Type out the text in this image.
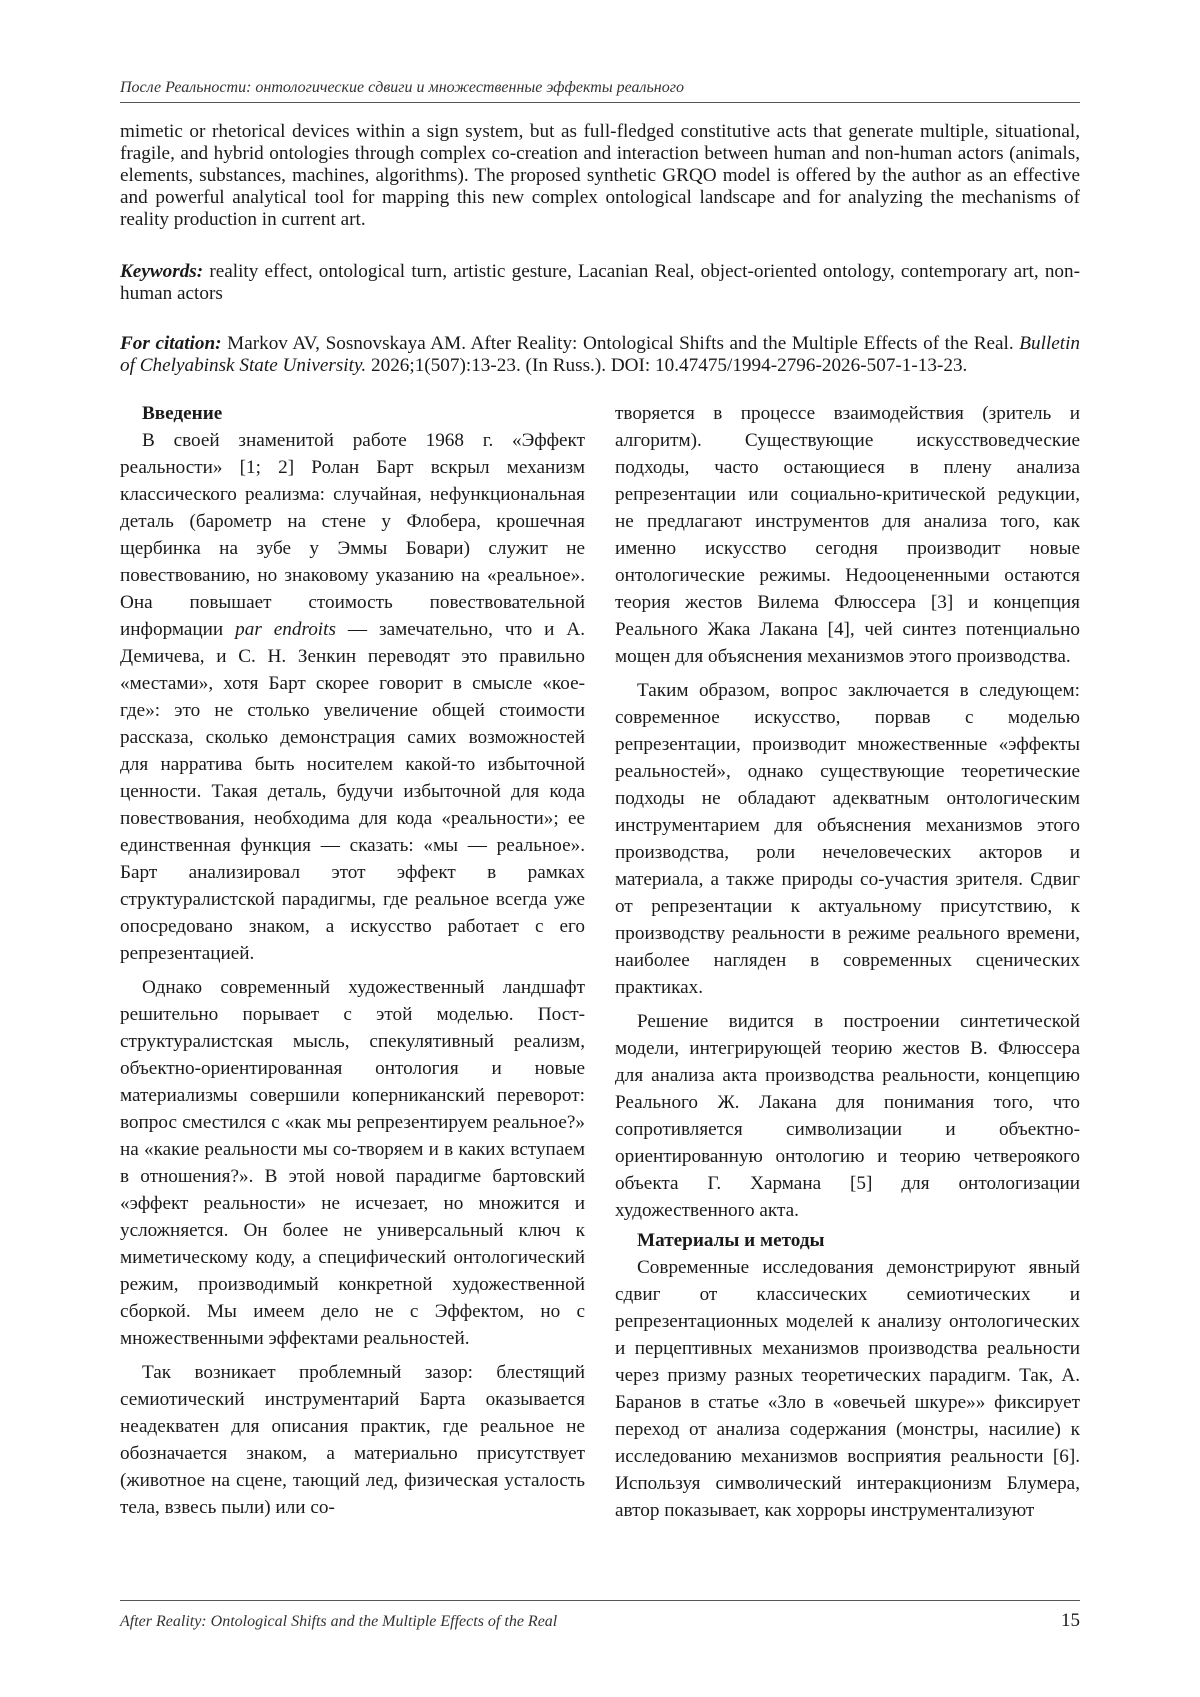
После Реальности: онтологические сдвиги и множественные эффекты реального
mimetic or rhetorical devices within a sign system, but as full-fledged constitutive acts that generate multiple, situational, fragile, and hybrid ontologies through complex co-creation and interaction between human and non-human actors (animals, elements, substances, machines, algorithms). The proposed synthetic GRQO model is offered by the author as an effective and powerful analytical tool for mapping this new complex ontological landscape and for analyzing the mechanisms of reality production in current art.
Keywords: reality effect, ontological turn, artistic gesture, Lacanian Real, object-oriented ontology, contemporary art, non-human actors
For citation: Markov AV, Sosnovskaya AM. After Reality: Ontological Shifts and the Multiple Effects of the Real. Bulletin of Chelyabinsk State University. 2026;1(507):13-23. (In Russ.). DOI: 10.47475/1994-2796-2026-507-1-13-23.
Введение

В своей знаменитой работе 1968 г. «Эффект реальности» [1; 2] Ролан Барт вскрыл механизм классического реализма: случайная, нефункциональная деталь (барометр на стене у Флобера, крошечная щербинка на зубе у Эммы Бовари) служит не повествованию, но знаковому указанию на «реальное». Она повышает стоимость повествовательной информации par endroits — замечательно, что и А. Демичева, и С. Н. Зенкин переводят это правильно «местами», хотя Барт скорее говорит в смысле «кое-где»: это не столько увеличение общей стоимости рассказа, сколько демонстрация самих возможностей для нарратива быть носителем какой-то избыточной ценности. Такая деталь, будучи избыточной для кода повествования, необходима для кода «реальности»; ее единственная функция — сказать: «мы — реальное». Барт анализировал этот эффект в рамках структуралистской парадигмы, где реальное всегда уже опосредовано знаком, а искусство работает с его репрезентацией.

Однако современный художественный ландшафт решительно порывает с этой моделью. Пост-структуралистская мысль, спекулятивный реализм, объектно-ориентированная онтология и новые материализмы совершили коперниканский переворот: вопрос сместился с «как мы репрезентируем реальное?» на «какие реальности мы со-творяем и в каких вступаем в отношения?». В этой новой парадигме бартовский «эффект реальности» не исчезает, но множится и усложняется. Он более не универсальный ключ к миметическому коду, а специфический онтологический режим, производимый конкретной художественной сборкой. Мы имеем дело не с Эффектом, но с множественными эффектами реальностей.

Так возникает проблемный зазор: блестящий семиотический инструментарий Барта оказывается неадекватен для описания практик, где реальное не обозначается знаком, а материально присутствует (животное на сцене, тающий лед, физическая усталость тела, взвесь пыли) или со-

творяется в процессе взаимодействия (зритель и алгоритм). Существующие искусствоведческие подходы, часто остающиеся в плену анализа репрезентации или социально-критической редукции, не предлагают инструментов для анализа того, как именно искусство сегодня производит новые онтологические режимы. Недооцененными остаются теория жестов Вилема Флюссера [3] и концепция Реального Жака Лакана [4], чей синтез потенциально мощен для объяснения механизмов этого производства.

Таким образом, вопрос заключается в следующем: современное искусство, порвав с моделью репрезентации, производит множественные «эффекты реальностей», однако существующие теоретические подходы не обладают адекватным онтологическим инструментарием для объяснения механизмов этого производства, роли нечеловеческих акторов и материала, а также природы со-участия зрителя. Сдвиг от репрезентации к актуальному присутствию, к производству реальности в режиме реального времени, наиболее нагляден в современных сценических практиках.

Решение видится в построении синтетической модели, интегрирующей теорию жестов В. Флюссера для анализа акта производства реальности, концепцию Реального Ж. Лакана для понимания того, что сопротивляется символизации и объектно-ориентированную онтологию и теорию четвероякого объекта Г. Хармана [5] для онтологизации художественного акта.

Материалы и методы

Современные исследования демонстрируют явный сдвиг от классических семиотических и репрезентационных моделей к анализу онтологических и перцептивных механизмов производства реальности через призму разных теоретических парадигм. Так, А. Баранов в статье «Зло в «овечьей шкуре»» фиксирует переход от анализа содержания (монстры, насилие) к исследованию механизмов восприятия реальности [6]. Используя символический интеракционизм Блумера, автор показывает, как хорроры инструментализуют

After Reality: Ontological Shifts and the Multiple Effects of the Real	15
